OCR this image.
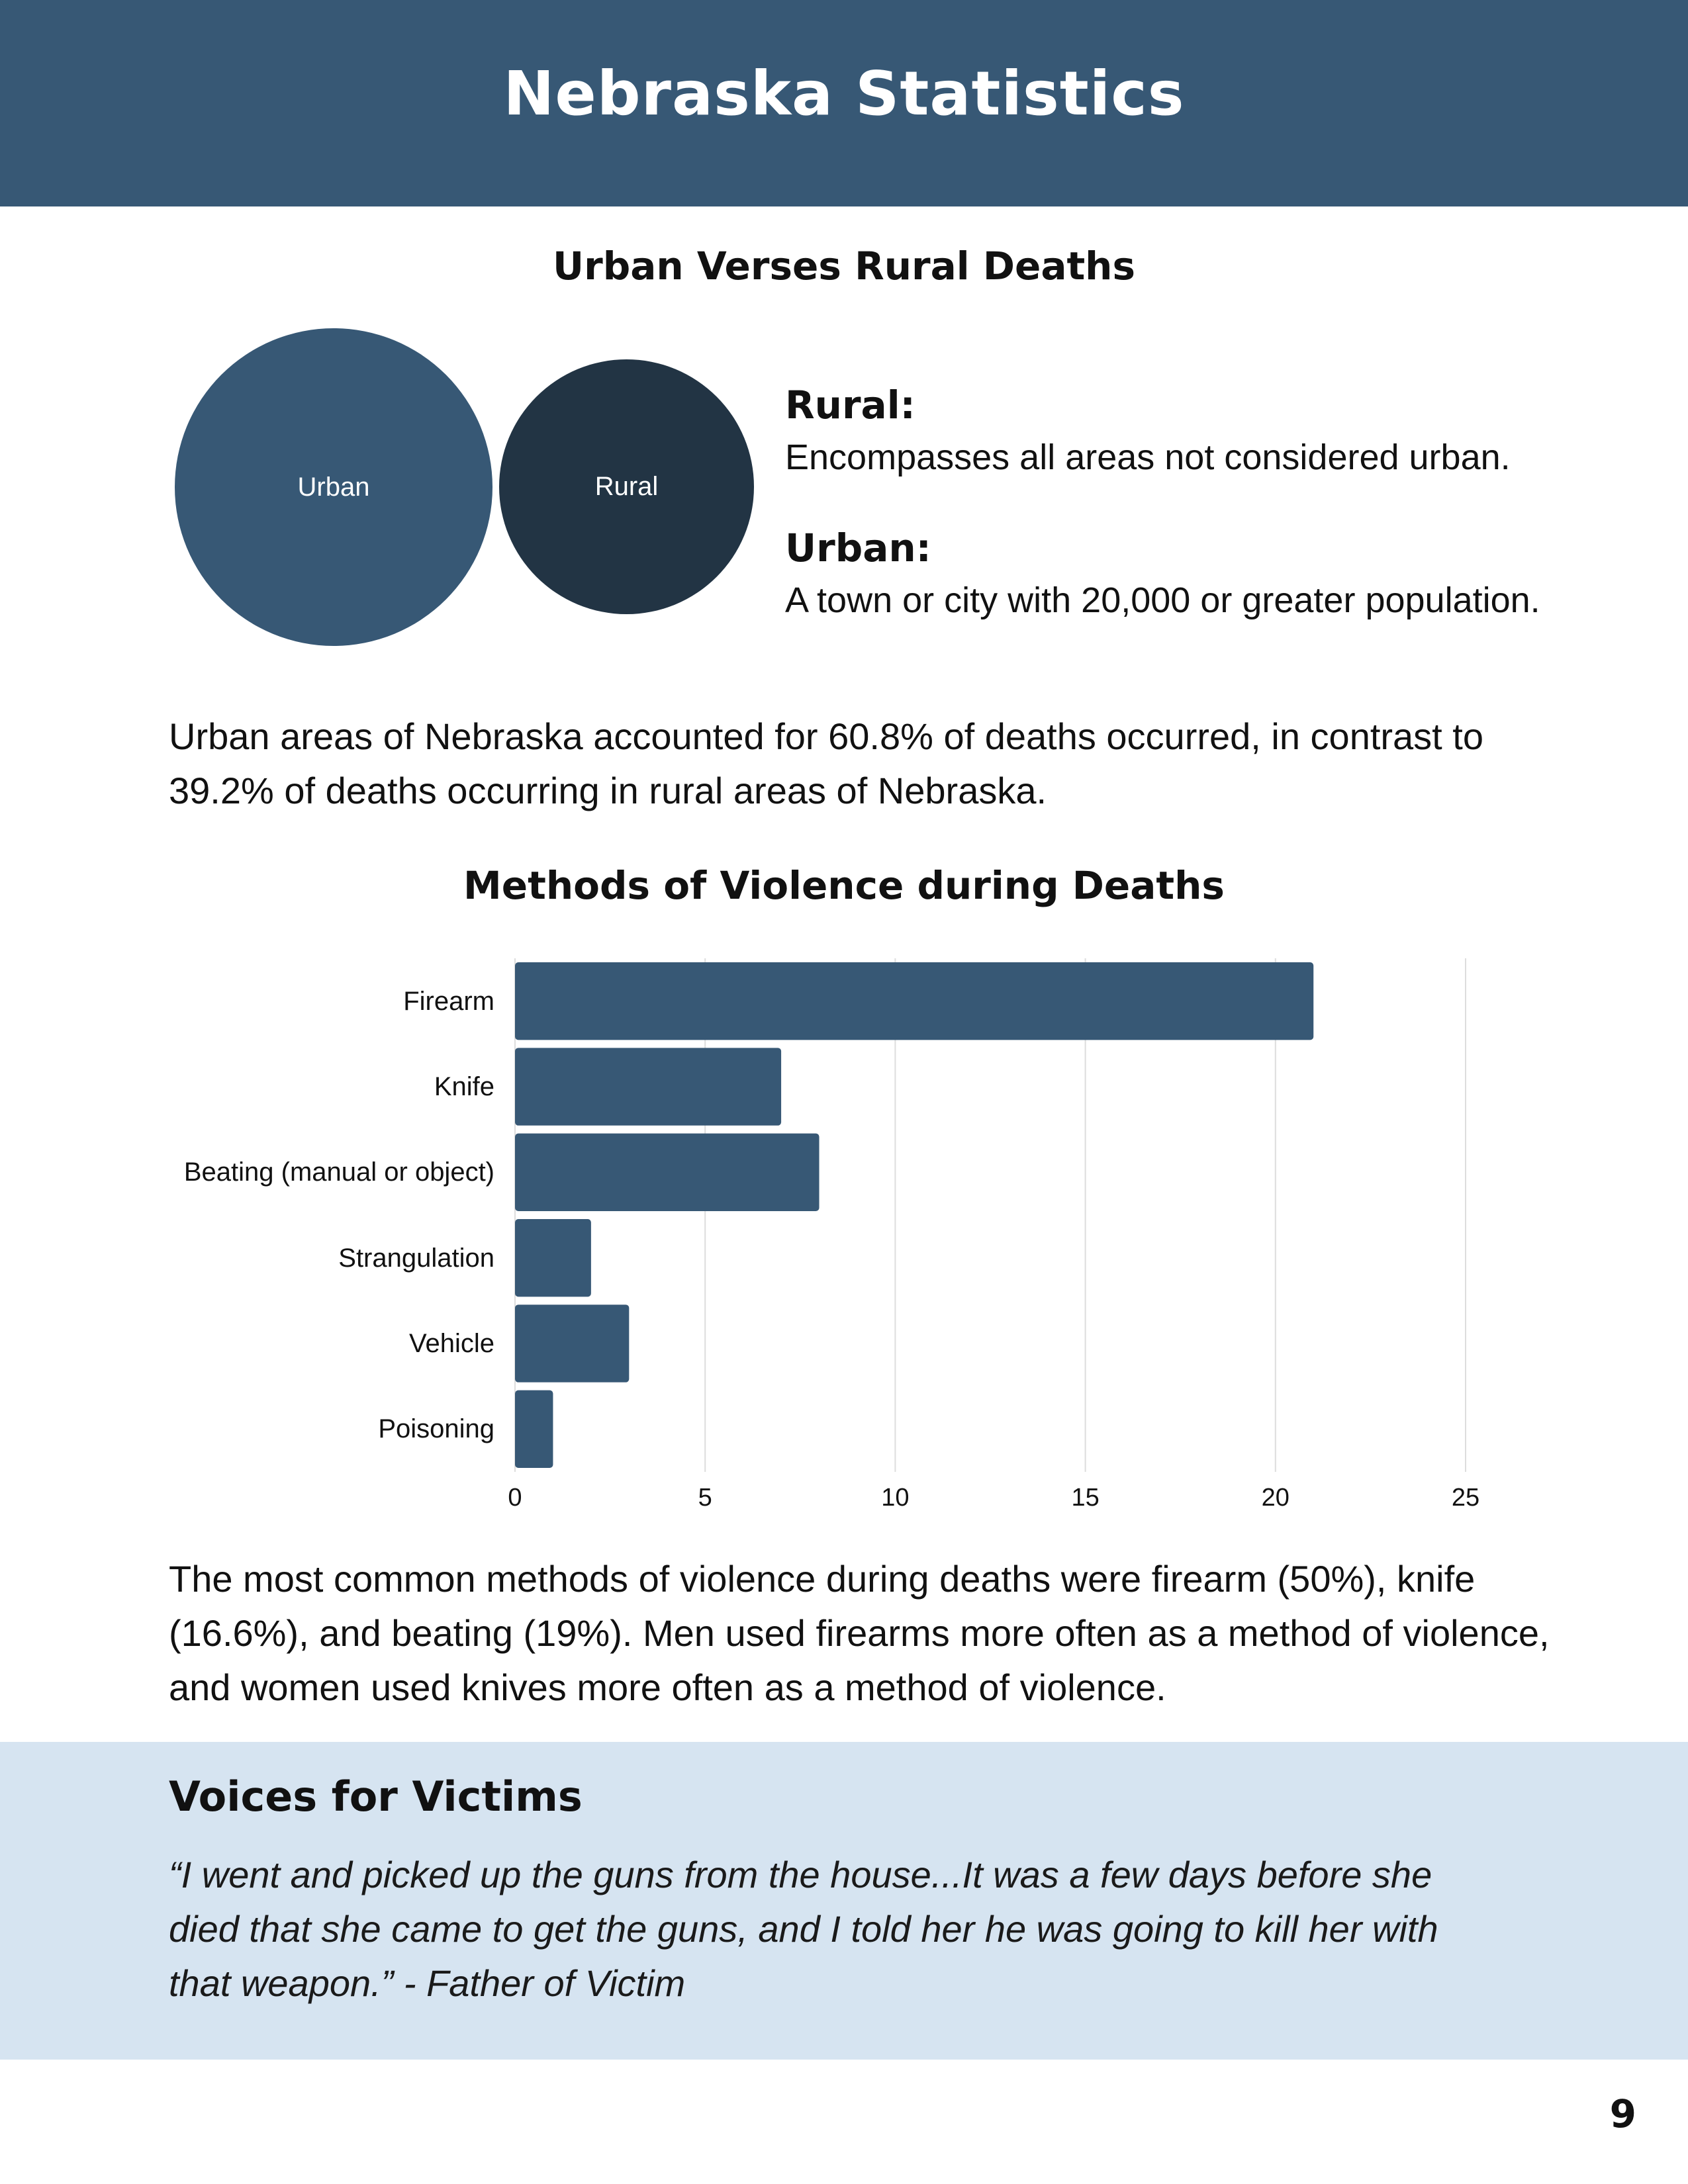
Nebraska Statistics
Urban Verses Rural Deaths
Urban	Rural
Rural:
Encompasses all areas not considered urban.
Urban:
A town or city with 20,000 or greater population.
Urban areas of Nebraska accounted for 60.8% of deaths occurred, in contrast to 39.2% of deaths occurring in rural areas of Nebraska.
Methods of Violence during Deaths
Firearm
Knife
Beating (manual or object)
Strangulation
Vehicle
Poisoning
0	5	10	15	20	25
The most common methods of violence during deaths were firearm (50%), knife (16.6%), and beating (19%). Men used firearms more often as a method of violence, and women used knives more often as a method of violence.
Voices for Victims
“I went and picked up the guns from the house...It was a few days before she died that she came to get the guns, and I told her he was going to kill her with that weapon.” - Father of Victim
9
